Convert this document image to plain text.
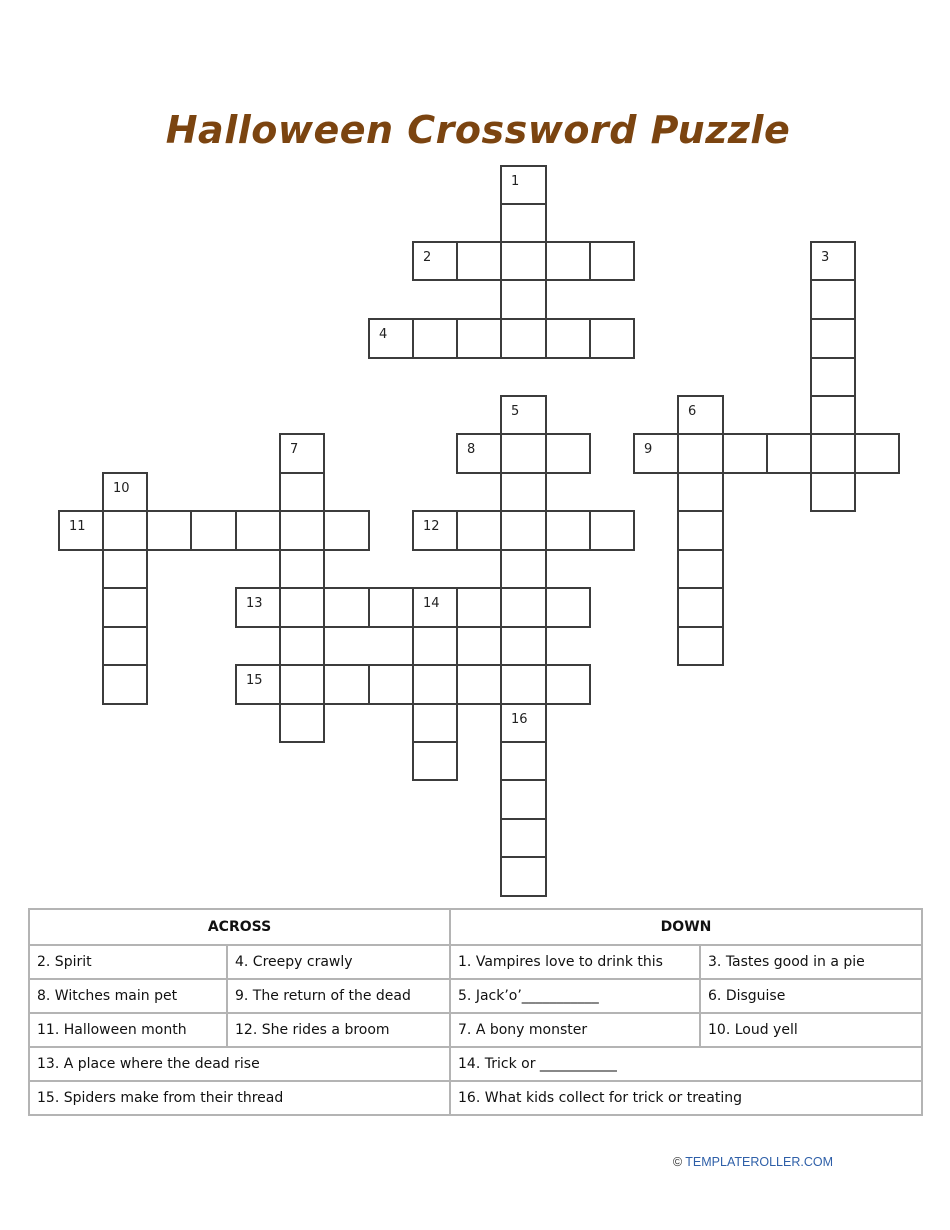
Halloween Crossword Puzzle
1
2	3
4
5	6
7	8	9
10
11	12
13	14
15
16
ACROSS		DOWN	
2. Spirit	4. Creepy crawly	1. Vampires love to drink this	3. Tastes good in a pie
8. Witches main pet	9. The return of the dead	5. Jack’o’___________	6. Disguise
11. Halloween month	12. She rides a broom	7. A bony monster	10. Loud yell
13. A place where the dead rise		14. Trick or ___________	
15. Spiders make from their thread		16. What kids collect for trick or treating	
© TEMPLATEROLLER.COM
